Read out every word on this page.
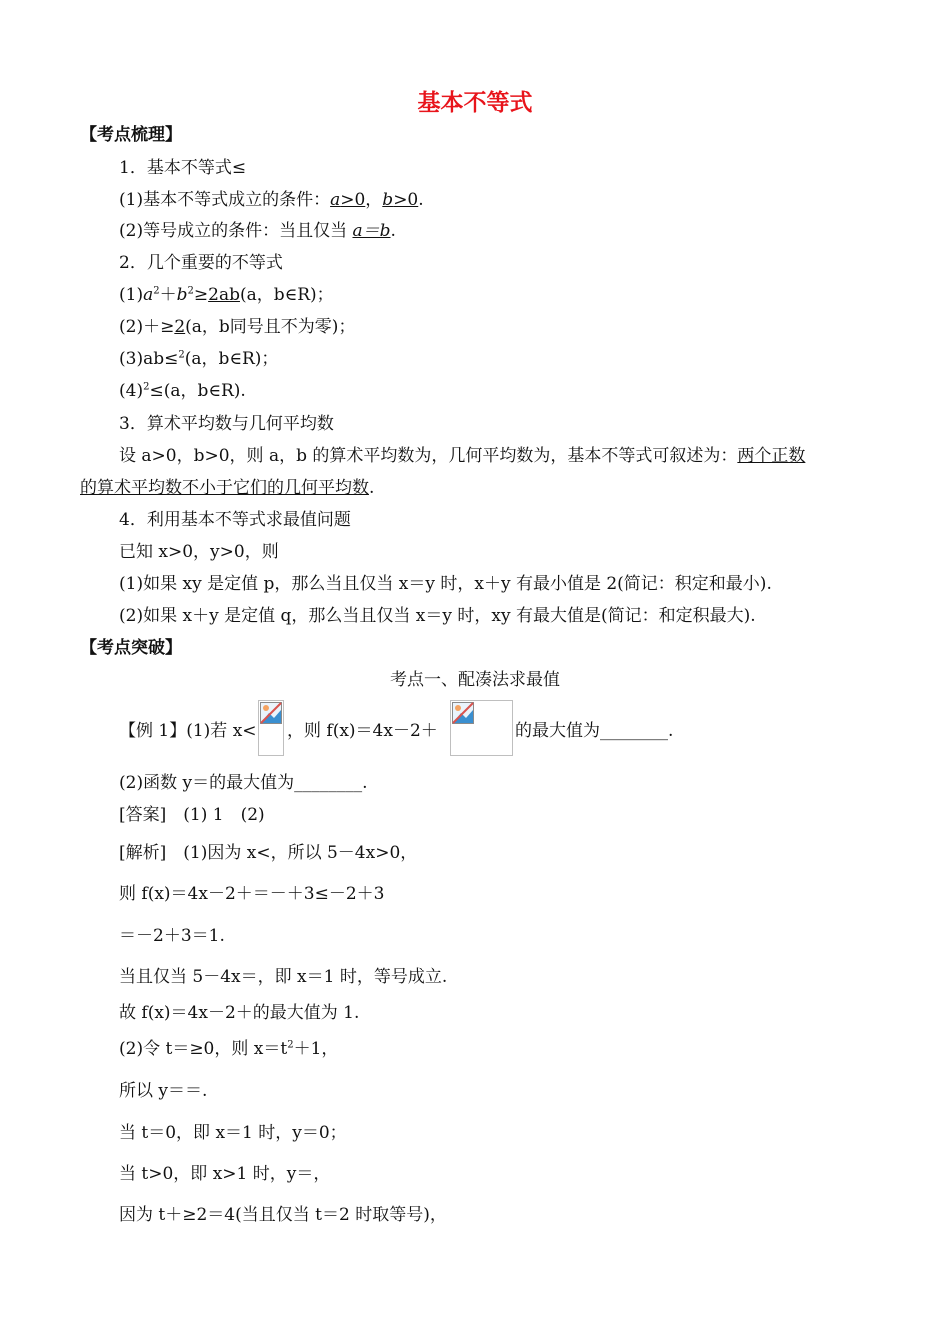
基本不等式
【考点梳理】
1．基本不等式≤
(1)基本不等式成立的条件：a>0，b>0.
(2)等号成立的条件：当且仅当 a＝b.
2．几个重要的不等式
$(1)a^2+b^2\ge 2ab(a$，b∈R)；
(2)＋≥2(a，b同号且不为零)；
(3)ab≤$^2$(a，b∈R)；
$(4)^2\le(a$，b∈R).
3．算术平均数与几何平均数
设 a>0，b>0，则 a，b 的算术平均数为，几何平均数为，基本不等式可叙述为：两个正数
的算术平均数不小于它们的几何平均数.
4．利用基本不等式求最值问题
已知 x>0，y>0，则
(1)如果 xy 是定值 p，那么当且仅当 x＝y 时，x＋y 有最小值是 2(简记：积定和最小).
(2)如果 x＋y 是定值 q，那么当且仅当 x＝y 时，xy 有最大值是(简记：和定积最大).
【考点突破】
考点一、配凑法求最值
【例 1】(1)若 x< ，则 f(x)＝4x－2＋	的最大值为________.
(2)函数 y＝的最大值为________.
[答案]　(1) 1　(2)
[解析]　(1)因为 x<，所以 5－4x>0，
则 f(x)＝4x－2＋＝－＋3≤－2＋3
＝－2＋3＝1.
当且仅当 5－4x＝，即 x＝1 时，等号成立.
故 f(x)＝4x－2＋的最大值为 1.
(2)令 t＝≥0，则 $x=t^2+1$，
所以 y＝＝.
当 t＝0，即 x＝1 时，y＝0；
当 t>0，即 x>1 时，y＝，
因为 t＋≥2＝4(当且仅当 t＝2 时取等号)，
